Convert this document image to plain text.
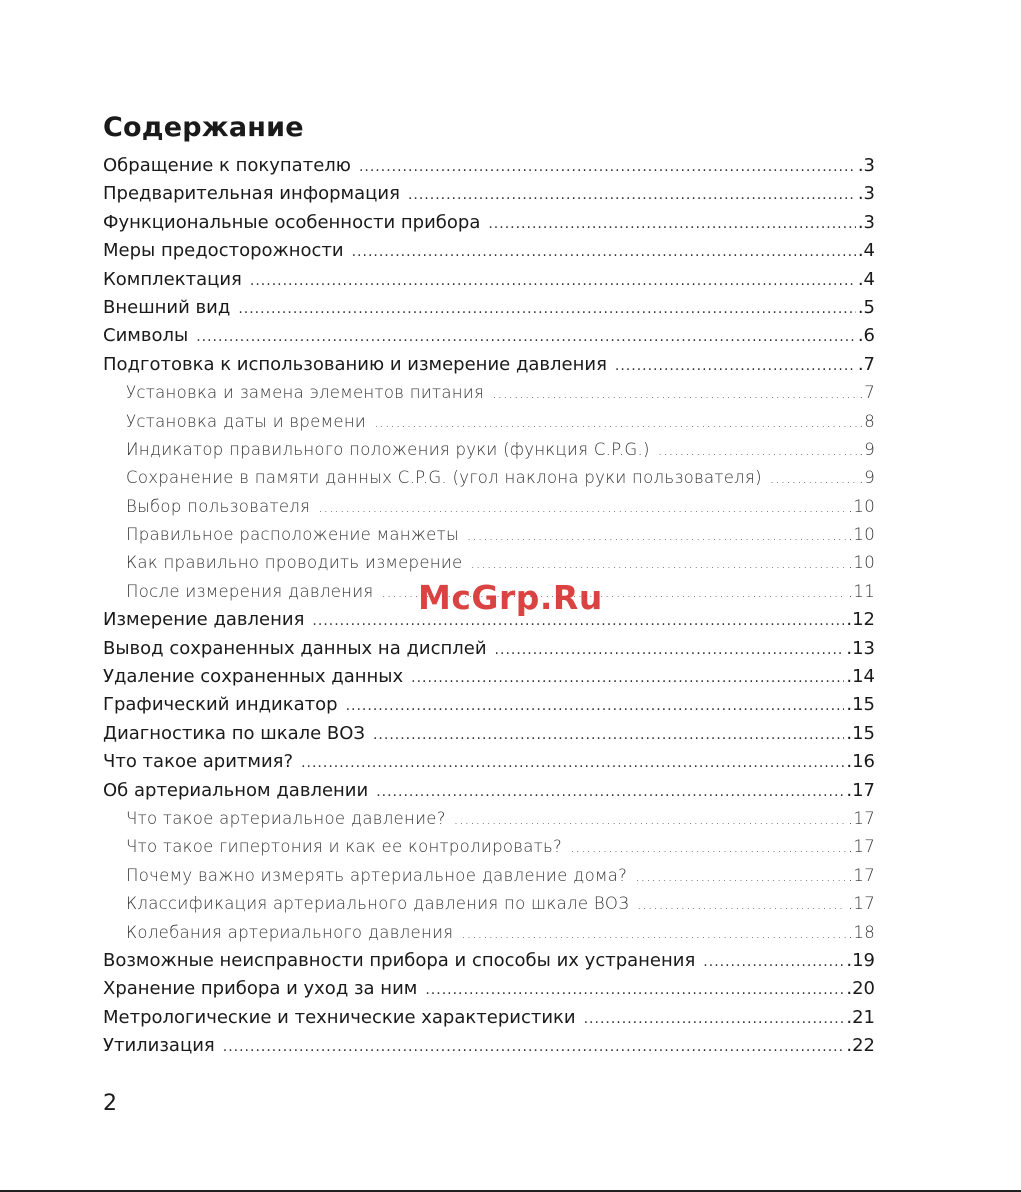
Содержание
Обращение к покупателю .....	.3
Предварительная информация .....	.3
Функциональные особенности прибора .....	.3
Меры предосторожности .....	.4
Комплектация .....	.4
Внешний вид .....	.5
Символы .....	.6
Подготовка к использованию и измерение давления .....	.7
Установка и замена элементов питания .....	.7
Установка даты и времени .....	.8
Индикатор правильного положения руки (функция C.P.G.) .....	.9
Сохранение в памяти данных C.P.G. (угол наклона руки пользователя) .....	.9
Выбор пользователя .....	.10
Правильное расположение манжеты .....	.10
Как правильно проводить измерение .....	.10
После измерения давления .....	.11
Измерение давления .....	.12
Вывод сохраненных данных на дисплей .....	.13
Удаление сохраненных данных .....	.14
Графический индикатор .....	.15
Диагностика по шкале ВОЗ .....	.15
Что такое аритмия? .....	.16
Об артериальном давлении .....	.17
Что такое артериальное давление? .....	.17
Что такое гипертония и как ее контролировать? .....	.17
Почему важно измерять артериальное давление дома? .....	.17
Классификация артериального давления по шкале ВОЗ .....	.17
Колебания артериального давления .....	.18
Возможные неисправности прибора и способы их устранения .....	.19
Хранение прибора и уход за ним .....	.20
Метрологические и технические характеристики .....	.21
Утилизация .....	.22
McGrp.Ru
2
